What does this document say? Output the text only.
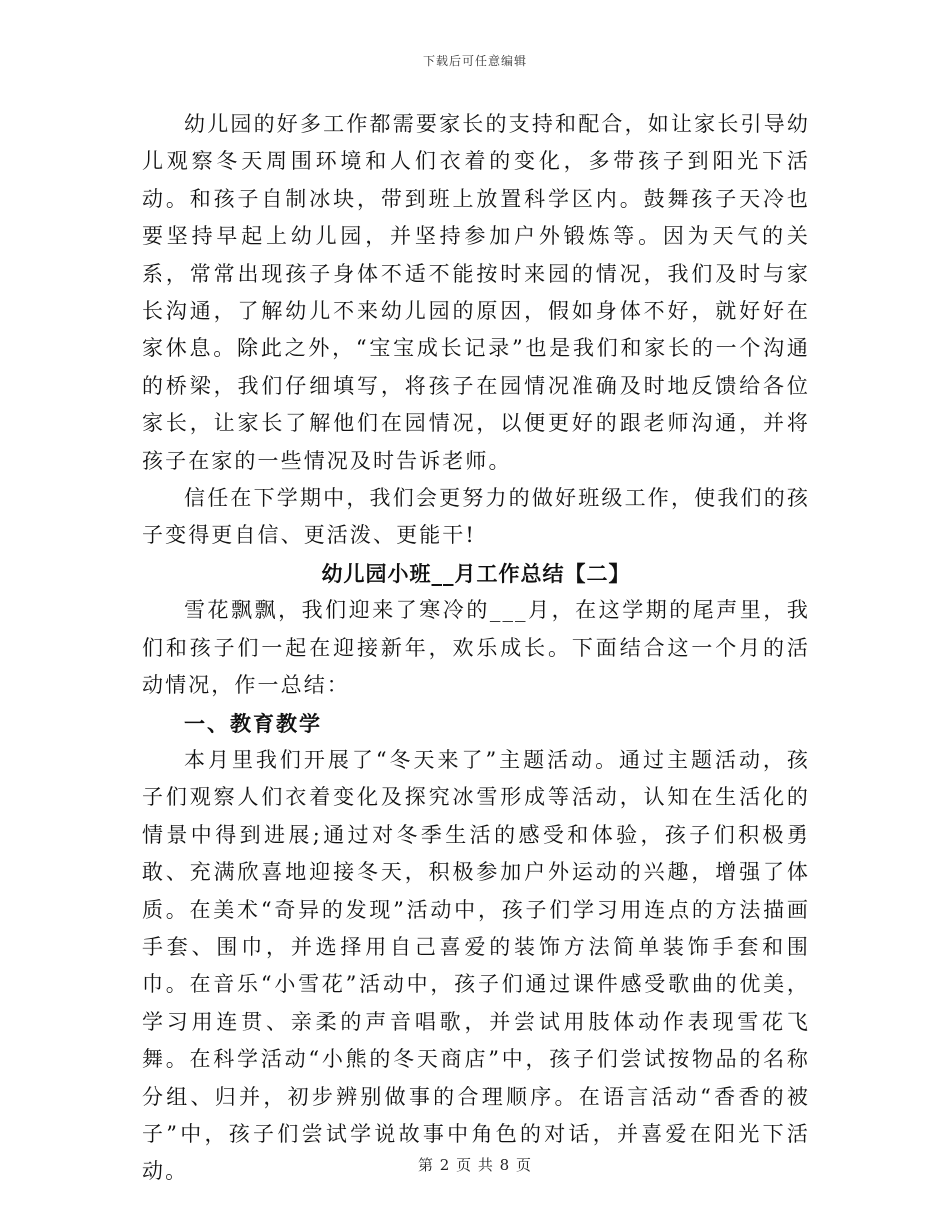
下载后可任意编辑

幼儿园的好多工作都需要家长的支持和配合，如让家长引导幼儿观察冬天周围环境和人们衣着的变化，多带孩子到阳光下活动。和孩子自制冰块，带到班上放置科学区内。鼓舞孩子天冷也要坚持早起上幼儿园，并坚持参加户外锻炼等。因为天气的关系，常常出现孩子身体不适不能按时来园的情况，我们及时与家长沟通，了解幼儿不来幼儿园的原因，假如身体不好，就好好在家休息。除此之外，“宝宝成长记录”也是我们和家长的一个沟通的桥梁，我们仔细填写，将孩子在园情况准确及时地反馈给各位家长，让家长了解他们在园情况，以便更好的跟老师沟通，并将孩子在家的一些情况及时告诉老师。

信任在下学期中，我们会更努力的做好班级工作，使我们的孩子变得更自信、更活泼、更能干!

幼儿园小班__月工作总结【二】

雪花飘飘，我们迎来了寒冷的___月，在这学期的尾声里，我们和孩子们一起在迎接新年，欢乐成长。下面结合这一个月的活动情况，作一总结：

一、教育教学

本月里我们开展了“冬天来了”主题活动。通过主题活动，孩子们观察人们衣着变化及探究冰雪形成等活动，认知在生活化的情景中得到进展;通过对冬季生活的感受和体验，孩子们积极勇敢、充满欣喜地迎接冬天，积极参加户外运动的兴趣，增强了体质。在美术“奇异的发现”活动中，孩子们学习用连点的方法描画手套、围巾，并选择用自己喜爱的装饰方法简单装饰手套和围巾。在音乐“小雪花”活动中，孩子们通过课件感受歌曲的优美，学习用连贯、亲柔的声音唱歌，并尝试用肢体动作表现雪花飞舞。在科学活动“小熊的冬天商店”中，孩子们尝试按物品的名称分组、归并，初步辨别做事的合理顺序。在语言活动“香香的被子”中，孩子们尝试学说故事中角色的对话，并喜爱在阳光下活动。	第 2 页 共 8 页
